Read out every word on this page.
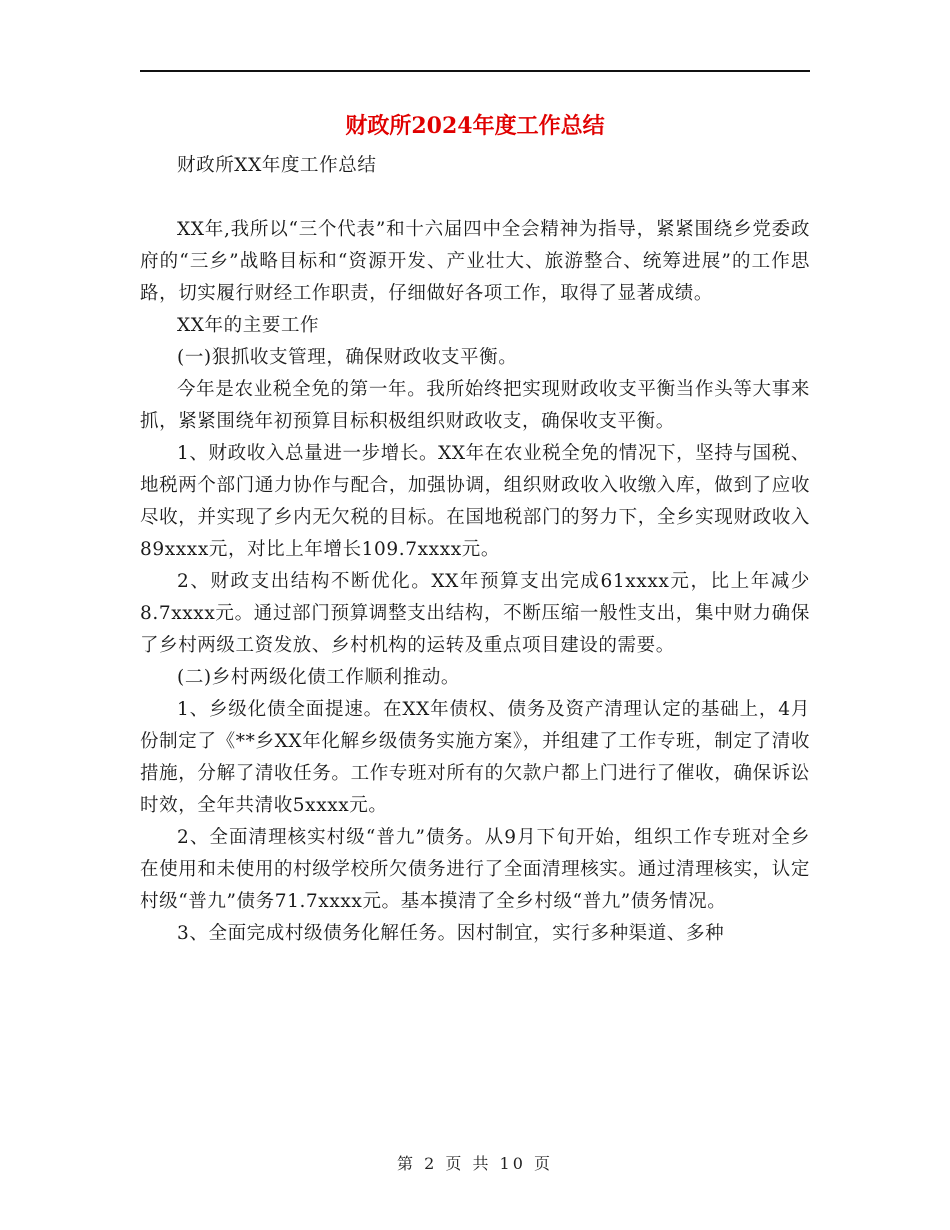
财政所2024年度工作总结

财政所XX年度工作总结

XX年,我所以“三个代表”和十六届四中全会精神为指导，紧紧围绕乡党委政府的“三乡”战略目标和“资源开发、产业壮大、旅游整合、统筹进展”的工作思路，切实履行财经工作职责，仔细做好各项工作，取得了显著成绩。

XX年的主要工作

(一)狠抓收支管理，确保财政收支平衡。

今年是农业税全免的第一年。我所始终把实现财政收支平衡当作头等大事来抓，紧紧围绕年初预算目标积极组织财政收支，确保收支平衡。

1、财政收入总量进一步增长。XX年在农业税全免的情况下，坚持与国税、地税两个部门通力协作与配合，加强协调，组织财政收入收缴入库，做到了应收尽收，并实现了乡内无欠税的目标。在国地税部门的努力下，全乡实现财政收入89xxxx元，对比上年增长109.7xxxx元。

2、财政支出结构不断优化。XX年预算支出完成61xxxx元，比上年减少8.7xxxx元。通过部门预算调整支出结构，不断压缩一般性支出，集中财力确保了乡村两级工资发放、乡村机构的运转及重点项目建设的需要。

(二)乡村两级化债工作顺利推动。

1、乡级化债全面提速。在XX年债权、债务及资产清理认定的基础上，4月份制定了《**乡XX年化解乡级债务实施方案》，并组建了工作专班，制定了清收措施，分解了清收任务。工作专班对所有的欠款户都上门进行了催收，确保诉讼时效，全年共清收5xxxx元。

2、全面清理核实村级“普九”债务。从9月下旬开始，组织工作专班对全乡在使用和未使用的村级学校所欠债务进行了全面清理核实。通过清理核实，认定村级“普九”债务71.7xxxx元。基本摸清了全乡村级“普九”债务情况。

3、全面完成村级债务化解任务。因村制宜，实行多种渠道、多种

第 2 页 共 10 页
